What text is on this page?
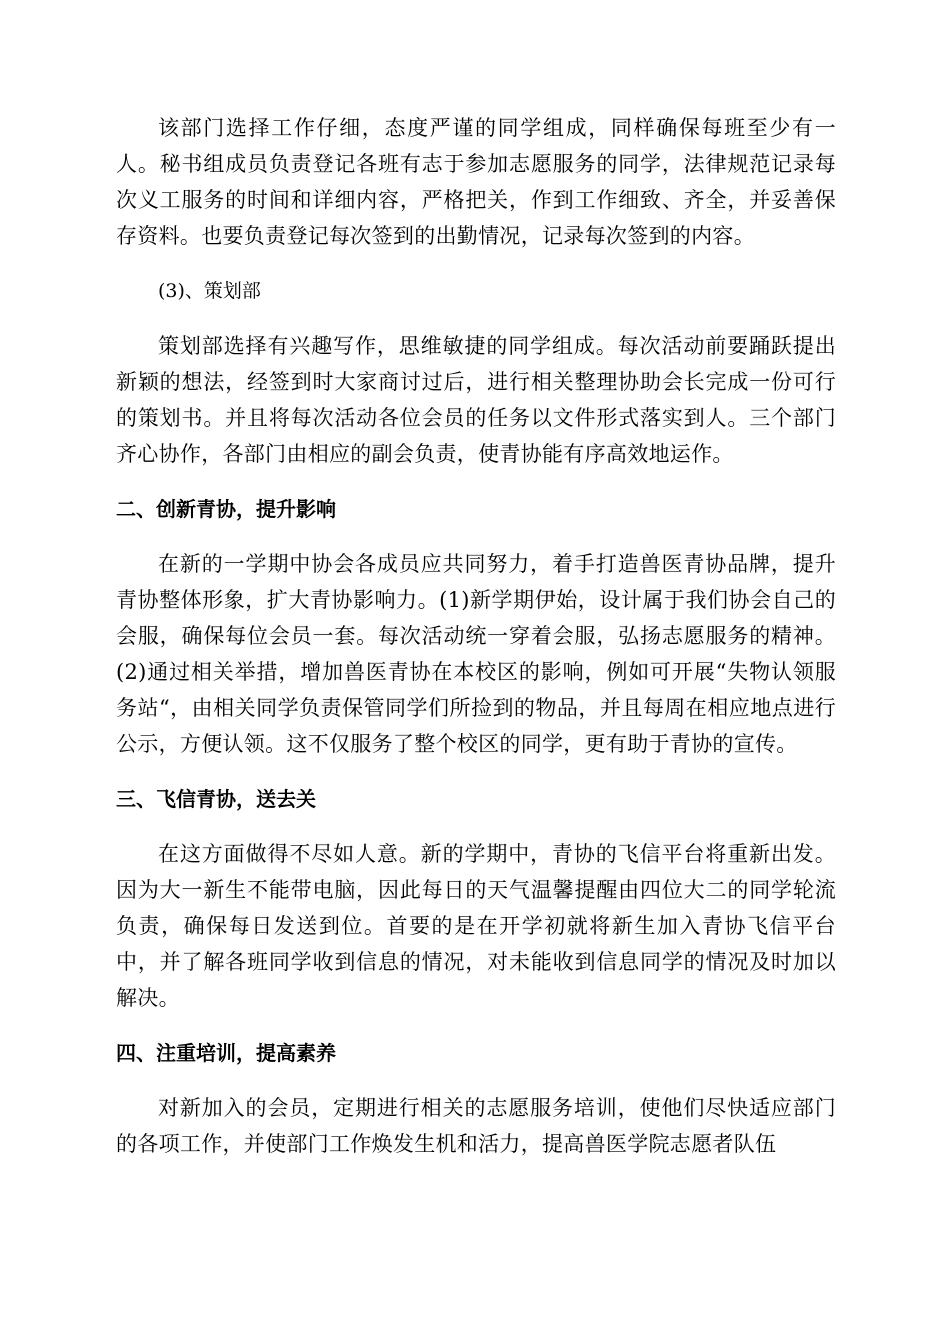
该部门选择工作仔细，态度严谨的同学组成，同样确保每班至少有一人。秘书组成员负责登记各班有志于参加志愿服务的同学，法律规范记录每次义工服务的时间和详细内容，严格把关，作到工作细致、齐全，并妥善保存资料。也要负责登记每次签到的出勤情况，记录每次签到的内容。

(3)、策划部

策划部选择有兴趣写作，思维敏捷的同学组成。每次活动前要踊跃提出新颖的想法，经签到时大家商讨过后，进行相关整理协助会长完成一份可行的策划书。并且将每次活动各位会员的任务以文件形式落实到人。三个部门齐心协作，各部门由相应的副会负责，使青协能有序高效地运作。

二、创新青协，提升影响

在新的一学期中协会各成员应共同努力，着手打造兽医青协品牌，提升青协整体形象，扩大青协影响力。(1)新学期伊始，设计属于我们协会自己的会服，确保每位会员一套。每次活动统一穿着会服，弘扬志愿服务的精神。(2)通过相关举措，增加兽医青协在本校区的影响，例如可开展“失物认领服务站“，由相关同学负责保管同学们所捡到的物品，并且每周在相应地点进行公示，方便认领。这不仅服务了整个校区的同学，更有助于青协的宣传。

三、飞信青协，送去关

在这方面做得不尽如人意。新的学期中，青协的飞信平台将重新出发。因为大一新生不能带电脑，因此每日的天气温馨提醒由四位大二的同学轮流负责，确保每日发送到位。首要的是在开学初就将新生加入青协飞信平台中，并了解各班同学收到信息的情况，对未能收到信息同学的情况及时加以解决。

四、注重培训，提高素养

对新加入的会员，定期进行相关的志愿服务培训，使他们尽快适应部门的各项工作，并使部门工作焕发生机和活力，提高兽医学院志愿者队伍
